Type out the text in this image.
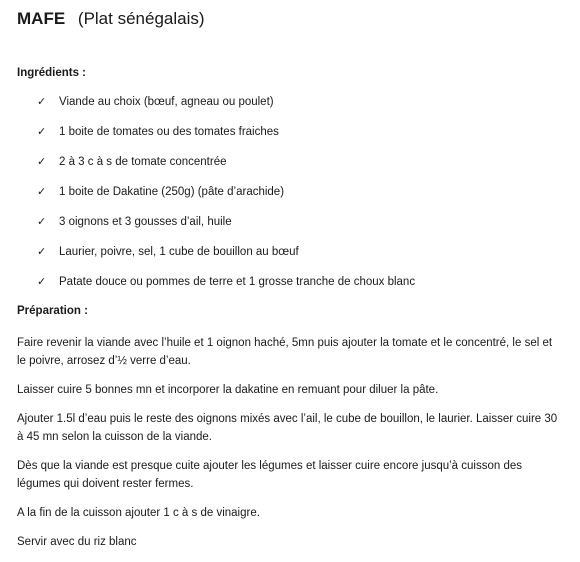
MAFE (Plat sénégalais)
Ingrédients :
✓ Viande au choix (bœuf, agneau ou poulet)
✓ 1 boite de tomates ou des tomates fraiches
✓ 2 à 3 c à s de tomate concentrée
✓ 1 boite de Dakatine (250g) (pâte d’arachide)
✓ 3 oignons et 3 gousses d’ail, huile
✓ Laurier, poivre, sel, 1 cube de bouillon au bœuf
✓ Patate douce ou pommes de terre et 1 grosse tranche de choux blanc
Préparation :

Faire revenir la viande avec l’huile et 1 oignon haché, 5mn puis ajouter la tomate et le concentré, le sel et le poivre, arrosez d’½ verre d’eau.

Laisser cuire 5 bonnes mn et incorporer la dakatine en remuant pour diluer la pâte.

Ajouter 1.5l d’eau puis le reste des oignons mixés avec l’ail, le cube de bouillon, le laurier. Laisser cuire 30 à 45 mn selon la cuisson de la viande.

Dès que la viande est presque cuite ajouter les légumes et laisser cuire encore jusqu’à cuisson des légumes qui doivent rester fermes.

A la fin de la cuisson ajouter 1 c à s de vinaigre.

Servir avec du riz blanc
